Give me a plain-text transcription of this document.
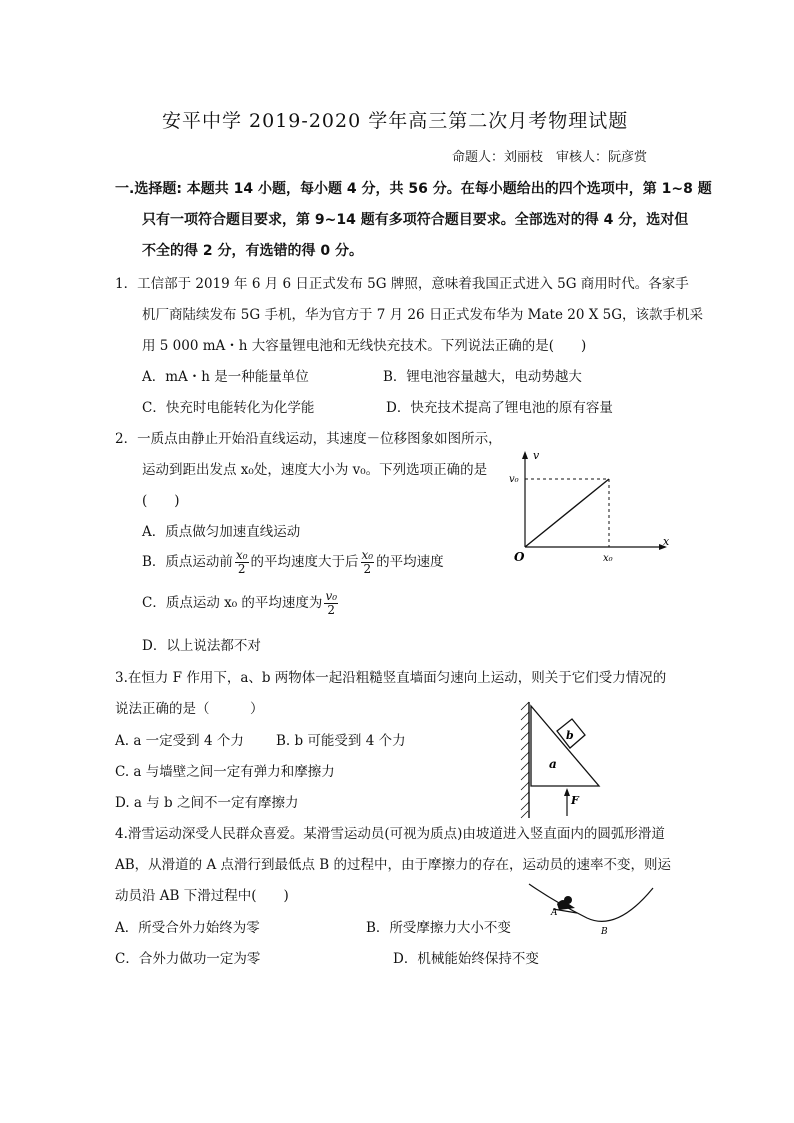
安平中学 2019-2020 学年高三第二次月考物理试题
命题人：刘丽枝　审核人：阮彦赏
一.选择题: 本题共 14 小题，每小题 4 分，共 56 分。在每小题给出的四个选项中，第 1~8 题
只有一项符合题目要求，第 9~14 题有多项符合题目要求。全部选对的得 4 分，选对但
不全的得 2 分，有选错的得 0 分。
1．工信部于 2019 年 6 月 6 日正式发布 5G 牌照，意味着我国正式进入 5G 商用时代。各家手
机厂商陆续发布 5G 手机，华为官方于 7 月 26 日正式发布华为 Mate 20 X 5G，该款手机采
用 5 000 mA・h 大容量锂电池和无线快充技术。下列说法正确的是(　　)
A．mA・h 是一种能量单位	B．锂电池容量越大，电动势越大
C．快充时电能转化为化学能	D．快充技术提高了锂电池的原有容量
2．一质点由静止开始沿直线运动，其速度－位移图象如图所示，
运动到距出发点 x₀处，速度大小为 v₀。下列选项正确的是
(　　)
A．质点做匀加速直线运动
B．质点运动前 $\frac{\text{x₀}}{2}$ 的平均速度大于后 $\frac{\text{x₀}}{2}$ 的平均速度
C．质点运动 x₀ 的平均速度为 $\frac{\text{v₀}}{2}$
D．以上说法都不对
v
x
v₀
x₀
O
3.在恒力 F 作用下，a、b 两物体一起沿粗糙竖直墙面匀速向上运动，则关于它们受力情况的
说法正确的是（　　　）
A. a 一定受到 4 个力 B. b 可能受到 4 个力
C. a 与墙壁之间一定有弹力和摩擦力
D. a 与 b 之间不一定有摩擦力
a
b
F
4.滑雪运动深受人民群众喜爱。某滑雪运动员(可视为质点)由坡道进入竖直面内的圆弧形滑道
AB，从滑道的 A 点滑行到最低点 B 的过程中，由于摩擦力的存在，运动员的速率不变，则运
动员沿 AB 下滑过程中(　　)
A．所受合外力始终为零	B．所受摩擦力大小不变
C．合外力做功一定为零	D．机械能始终保持不变
A
B
